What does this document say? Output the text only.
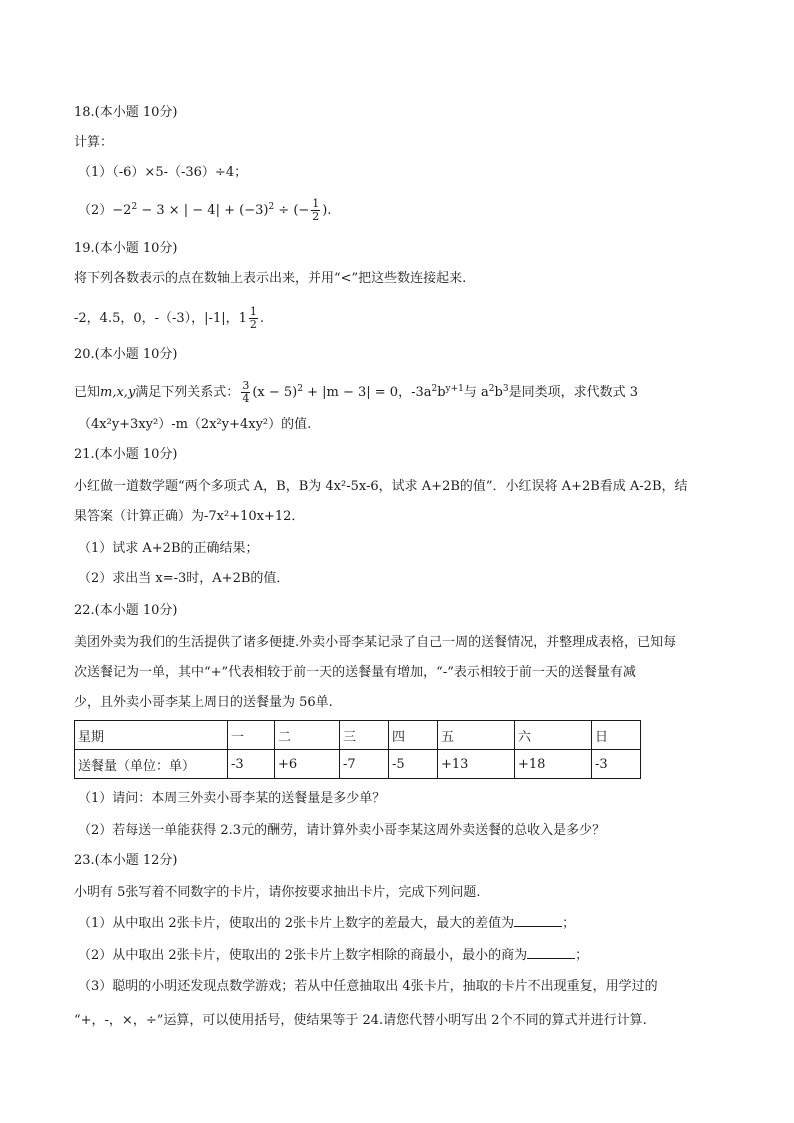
18.(本小题 10分)
计算：
（1）（-6）×5-（-36）÷4；
$(2)-2^2 - 3$ × | − $4| + (-3)^2$ ÷ (− $\frac{1}{2}$ ).
19.(本小题 10分)
将下列各数表示的点在数轴上表示出来，并用“<”把这些数连接起来.
-2，4.5，0，-（-3），|-1|，$1 \frac{1}{2}$ .
20.(本小题 10分)
已知m,x,y满足下列关系式： $\frac{3}{4} (x - 5)^2 + |m - 3| = 0$，$-3a^2b^{y+1}$与 $a^2b^3$是同类项，求代数式 3
（4x²y+3xy²）-m（2x²y+4xy²）的值.
21.(本小题 10分)
小红做一道数学题“两个多项式 A，B，B为 4x²-5x-6，试求 A+2B的值”．小红误将 A+2B看成 A-2B，结
果答案（计算正确）为-7x²+10x+12．
（1）试求 A+2B的正确结果；
（2）求出当 x=-3时，A+2B的值．
22.(本小题 10分)
美团外卖为我们的生活提供了诸多便捷.外卖小哥李某记录了自己一周的送餐情况，并整理成表格，已知每
次送餐记为一单，其中“+”代表相较于前一天的送餐量有增加，“-”表示相较于前一天的送餐量有减
少，且外卖小哥李某上周日的送餐量为 56单.
星期	一	二	三	四	五	六	日
送餐量（单位：单）	-3	+6	-7	-5	+13	+18	-3
（1）请问：本周三外卖小哥李某的送餐量是多少单？
（2）若每送一单能获得 2.3元的酬劳，请计算外卖小哥李某这周外卖送餐的总收入是多少？
23.(本小题 12分)
小明有 5张写着不同数字的卡片，请你按要求抽出卡片，完成下列问题.
（1）从中取出 2张卡片，使取出的 2张卡片上数字的差最大，最大的差值为	；
（2）从中取出 2张卡片，使取出的 2张卡片上数字相除的商最小，最小的商为	；
（3）聪明的小明还发现点数学游戏；若从中任意抽取出 4张卡片，抽取的卡片不出现重复，用学过的
“+，-，×，÷”运算，可以使用括号，使结果等于 24.请您代替小明写出 2个不同的算式并进行计算.
